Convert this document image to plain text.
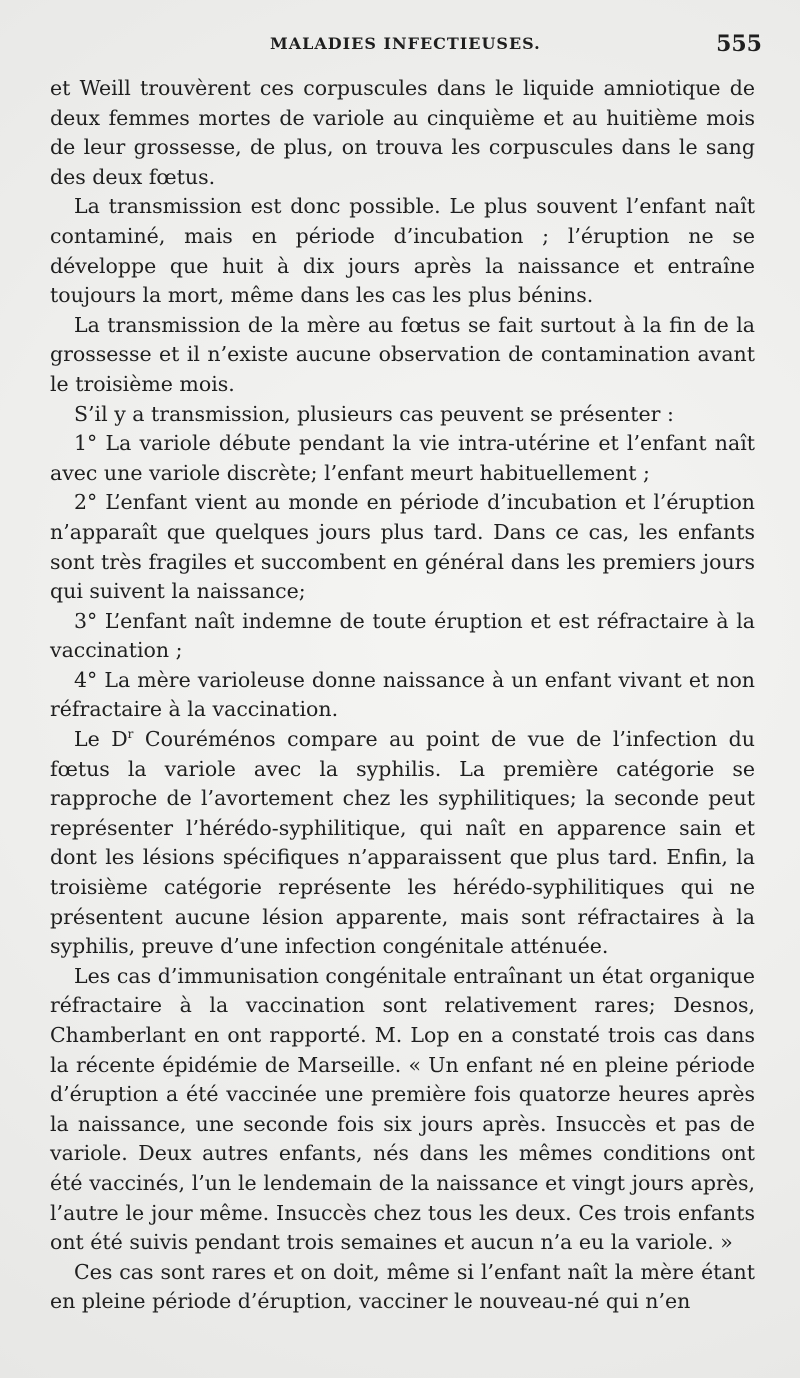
MALADIES INFECTIEUSES.	555

et Weill trouvèrent ces corpuscules dans le liquide amniotique de deux femmes mortes de variole au cinquième et au huitième mois de leur grossesse, de plus, on trouva les corpuscules dans le sang des deux fœtus.

La transmission est donc possible. Le plus souvent l’enfant naît contaminé, mais en période d’incubation ; l’éruption ne se développe que huit à dix jours après la naissance et entraîne toujours la mort, même dans les cas les plus bénins.

La transmission de la mère au fœtus se fait surtout à la fin de la grossesse et il n’existe aucune observation de contamination avant le troisième mois.

S’il y a transmission, plusieurs cas peuvent se présenter :

1° La variole débute pendant la vie intra-utérine et l’enfant naît avec une variole discrète; l’enfant meurt habituellement ;

2° L’enfant vient au monde en période d’incubation et l’éruption n’apparaît que quelques jours plus tard. Dans ce cas, les enfants sont très fragiles et succombent en général dans les premiers jours qui suivent la naissance;

3° L’enfant naît indemne de toute éruption et est réfractaire à la vaccination ;

4° La mère varioleuse donne naissance à un enfant vivant et non réfractaire à la vaccination.

Le $D^r$ Couréménos compare au point de vue de l’infection du fœtus la variole avec la syphilis. La première catégorie se rapproche de l’avortement chez les syphilitiques; la seconde peut représenter l’hérédo-syphilitique, qui naît en apparence sain et dont les lésions spécifiques n’apparaissent que plus tard. Enfin, la troisième catégorie représente les hérédo-syphilitiques qui ne présentent aucune lésion apparente, mais sont réfractaires à la syphilis, preuve d’une infection congénitale atténuée.

Les cas d’immunisation congénitale entraînant un état organique réfractaire à la vaccination sont relativement rares; Desnos, Chamberlant en ont rapporté. M. Lop en a constaté trois cas dans la récente épidémie de Marseille. « Un enfant né en pleine période d’éruption a été vaccinée une première fois quatorze heures après la naissance, une seconde fois six jours après. Insuccès et pas de variole. Deux autres enfants, nés dans les mêmes conditions ont été vaccinés, l’un le lendemain de la naissance et vingt jours après, l’autre le jour même. Insuccès chez tous les deux. Ces trois enfants ont été suivis pendant trois semaines et aucun n’a eu la variole. »

Ces cas sont rares et on doit, même si l’enfant naît la mère étant en pleine période d’éruption, vacciner le nouveau-né qui n’en
